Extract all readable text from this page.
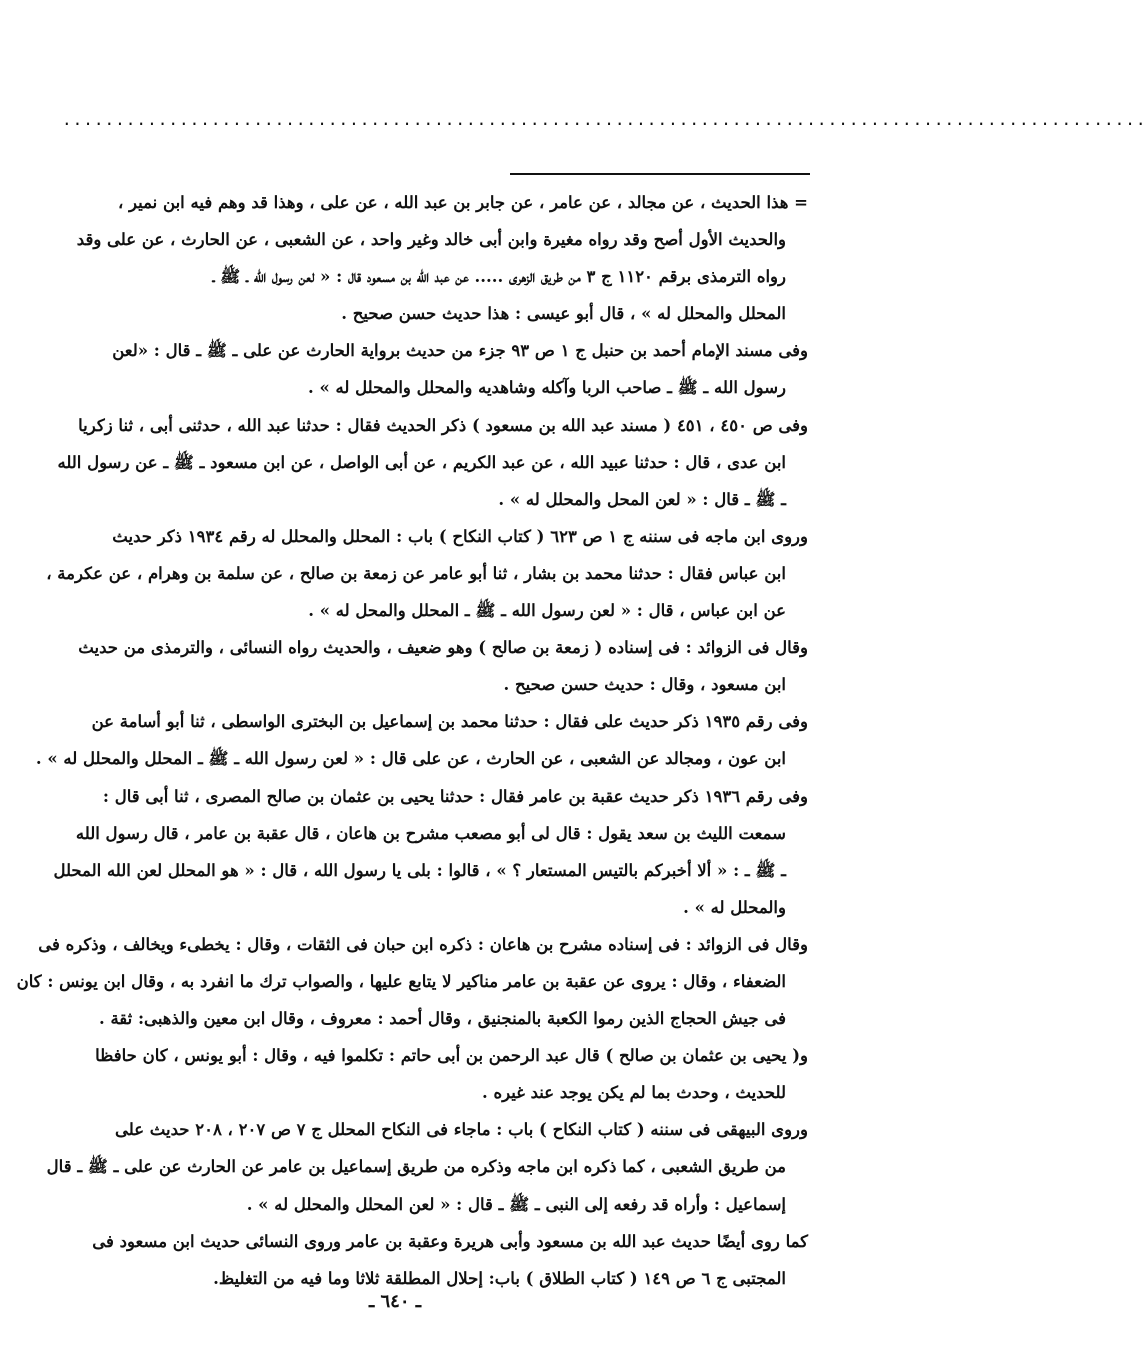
......................................................................................................
= هذا الحديث ، عن مجالد ، عن عامر ، عن جابر بن عبد الله ، عن على ، وهذا قد وهم فيه ابن نمير ،
والحديث الأول أصح وقد رواه مغيرة وابن أبى خالد وغير واحد ، عن الشعبى ، عن الحارث ، عن على وقد
رواه الترمذى برقم ١١٢٠ ج ٣ من طريق الزهرى ..... عن عبد الله بن مسعود قال : « لعن رسول الله ـ ﷺ ـ
المحلل والمحلل له » ، قال أبو عيسى : هذا حديث حسن صحيح .
وفى مسند الإمام أحمد بن حنبل ج ١ ص ٩٣ جزء من حديث برواية الحارث عن على ـ ﷺ ـ قال : «لعن
رسول الله ـ ﷺ ـ صاحب الربا وآكله وشاهديه والمحلل والمحلل له » .
وفى ص ٤٥٠ ، ٤٥١ ( مسند عبد الله بن مسعود ) ذكر الحديث فقال : حدثنا عبد الله ، حدثنى أبى ، ثنا زكريا
ابن عدى ، قال : حدثنا عبيد الله ، عن عبد الكريم ، عن أبى الواصل ، عن ابن مسعود ـ ﷺ ـ عن رسول الله
ـ ﷺ ـ قال : « لعن المحل والمحلل له » .
وروى ابن ماجه فى سننه ج ١ ص ٦٢٣ ( كتاب النكاح ) باب : المحلل والمحلل له رقم ١٩٣٤ ذكر حديث
ابن عباس فقال : حدثنا محمد بن بشار ، ثنا أبو عامر عن زمعة بن صالح ، عن سلمة بن وهرام ، عن عكرمة ،
عن ابن عباس ، قال : « لعن رسول الله ـ ﷺ ـ المحلل والمحل له » .
وقال فى الزوائد : فى إسناده ( زمعة بن صالح ) وهو ضعيف ، والحديث رواه النسائى ، والترمذى من حديث
ابن مسعود ، وقال : حديث حسن صحيح .
وفى رقم ١٩٣٥ ذكر حديث على فقال : حدثنا محمد بن إسماعيل بن البخترى الواسطى ، ثنا أبو أسامة عن
ابن عون ، ومجالد عن الشعبى ، عن الحارث ، عن على قال : « لعن رسول الله ـ ﷺ ـ المحلل والمحلل له » .
وفى رقم ١٩٣٦ ذكر حديث عقبة بن عامر فقال : حدثنا يحيى بن عثمان بن صالح المصرى ، ثنا أبى قال :
سمعت الليث بن سعد يقول : قال لى أبو مصعب مشرح بن هاعان ، قال عقبة بن عامر ، قال رسول الله
ـ ﷺ ـ : « ألا أخبركم بالتيس المستعار ؟ » ، قالوا : بلى يا رسول الله ، قال : « هو المحلل لعن الله المحلل
والمحلل له » .
وقال فى الزوائد : فى إسناده مشرح بن هاعان : ذكره ابن حبان فى الثقات ، وقال : يخطىء ويخالف ، وذكره فى
الضعفاء ، وقال : يروى عن عقبة بن عامر مناكير لا يتابع عليها ، والصواب ترك ما انفرد به ، وقال ابن يونس : كان
فى جيش الحجاج الذين رموا الكعبة بالمنجنيق ، وقال أحمد : معروف ، وقال ابن معين والذهبى: ثقة .
و( يحيى بن عثمان بن صالح ) قال عبد الرحمن بن أبى حاتم : تكلموا فيه ، وقال : أبو يونس ، كان حافظا
للحديث ، وحدث بما لم يكن يوجد عند غيره .
وروى البيهقى فى سننه ( كتاب النكاح ) باب : ماجاء فى النكاح المحلل ج ٧ ص ٢٠٧ ، ٢٠٨ حديث على
من طريق الشعبى ، كما ذكره ابن ماجه وذكره من طريق إسماعيل بن عامر عن الحارث عن على ـ ﷺ ـ قال
إسماعيل : وأراه قد رفعه إلى النبى ـ ﷺ ـ قال : « لعن المحلل والمحلل له » .
كما روى أيضًا حديث عبد الله بن مسعود وأبى هريرة وعقبة بن عامر وروى النسائى حديث ابن مسعود فى
المجتبى ج ٦ ص ١٤٩ ( كتاب الطلاق ) باب: إحلال المطلقة ثلاثا وما فيه من التغليظ.
ـ ٦٤٠ ـ
